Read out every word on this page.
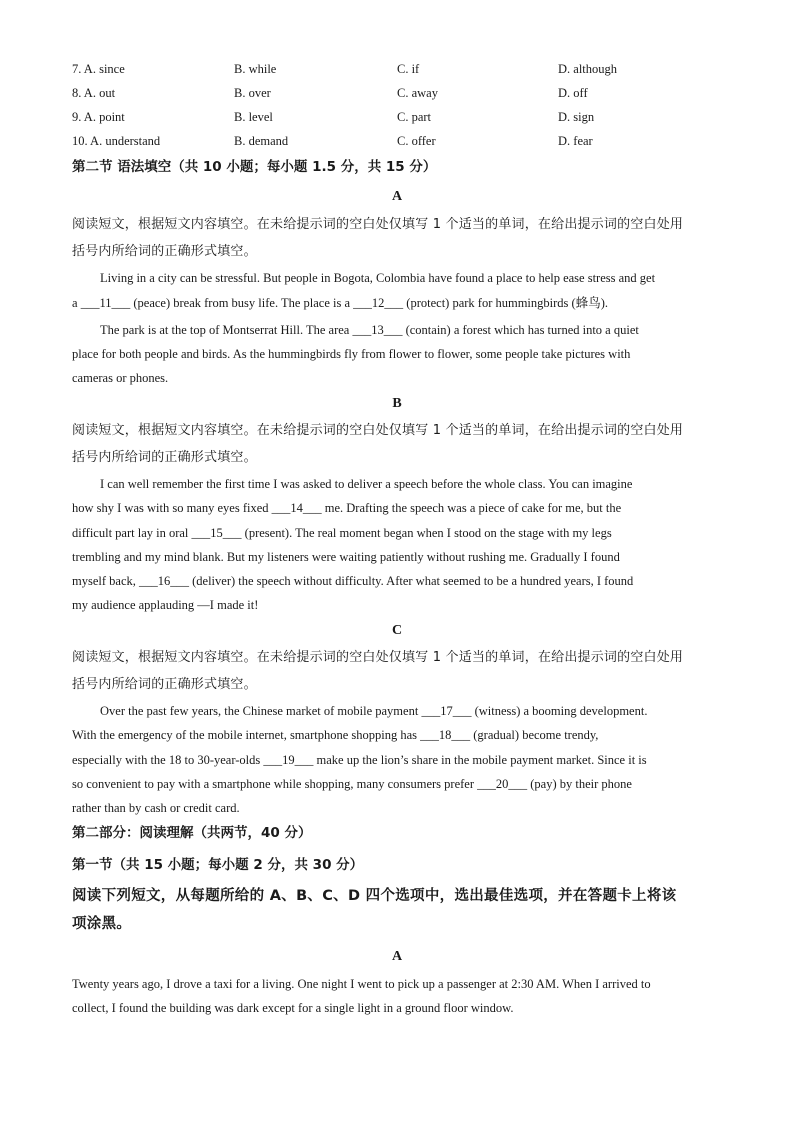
7. A. since	B. while	C. if	D. although
8. A. out	B. over	C. away	D. off
9. A. point	B. level	C. part	D. sign
10. A. understand	B. demand	C. offer	D. fear
第二节 语法填空（共 10 小题；每小题 1.5 分，共 15 分）
A
阅读短文，根据短文内容填空。在未给提示词的空白处仅填写 1 个适当的单词，在给出提示词的空白处用
括号内所给词的正确形式填空。
Living in a city can be stressful. But people in Bogota, Colombia have found a place to help ease stress and get
a ___11___ (peace) break from busy life. The place is a ___12___ (protect) park for hummingbirds (蜂鸟).
The park is at the top of Montserrat Hill. The area ___13___ (contain) a forest which has turned into a quiet
place for both people and birds. As the hummingbirds fly from flower to flower, some people take pictures with
cameras or phones.
B
阅读短文，根据短文内容填空。在未给提示词的空白处仅填写 1 个适当的单词，在给出提示词的空白处用
括号内所给词的正确形式填空。
I can well remember the first time I was asked to deliver a speech before the whole class. You can imagine
how shy I was with so many eyes fixed ___14___ me. Drafting the speech was a piece of cake for me, but the
difficult part lay in oral ___15___ (present). The real moment began when I stood on the stage with my legs
trembling and my mind blank. But my listeners were waiting patiently without rushing me. Gradually I found
myself back, ___16___ (deliver) the speech without difficulty. After what seemed to be a hundred years, I found
my audience applauding —I made it!
C
阅读短文，根据短文内容填空。在未给提示词的空白处仅填写 1 个适当的单词，在给出提示词的空白处用
括号内所给词的正确形式填空。
Over the past few years, the Chinese market of mobile payment ___17___ (witness) a booming development.
With the emergency of the mobile internet, smartphone shopping has ___18___ (gradual) become trendy,
especially with the 18 to 30-year-olds ___19___ make up the lion’s share in the mobile payment market. Since it is
so convenient to pay with a smartphone while shopping, many consumers prefer ___20___ (pay) by their phone
rather than by cash or credit card.
第二部分：阅读理解（共两节，40 分）
第一节（共 15 小题；每小题 2 分，共 30 分）
阅读下列短文，从每题所给的 A、B、C、D 四个选项中，选出最佳选项，并在答题卡上将该
项涂黑。
A
Twenty years ago, I drove a taxi for a living. One night I went to pick up a passenger at 2:30 AM. When I arrived to
collect, I found the building was dark except for a single light in a ground floor window.
